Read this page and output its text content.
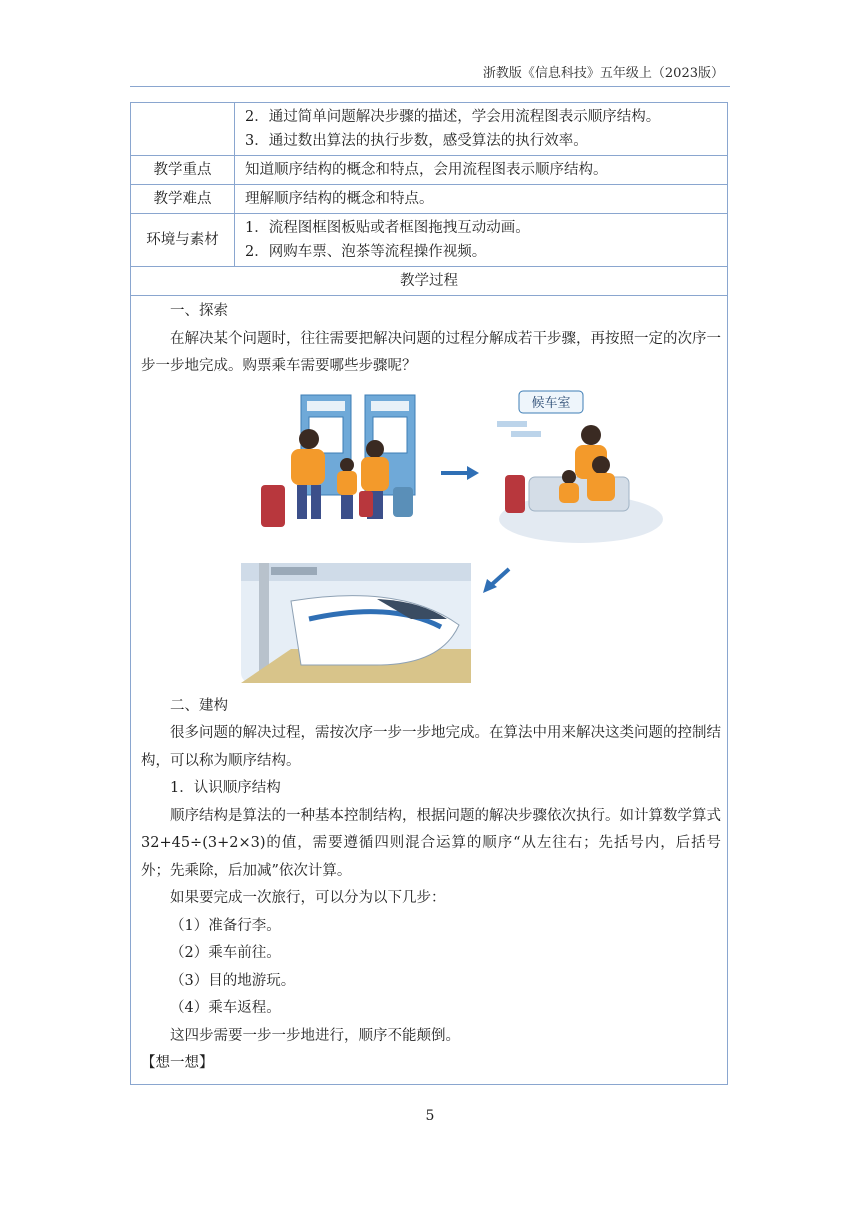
浙教版《信息科技》五年级上（2023版）
2．通过简单问题解决步骤的描述，学会用流程图表示顺序结构。
3．通过数出算法的执行步数，感受算法的执行效率。
教学重点	知道顺序结构的概念和特点，会用流程图表示顺序结构。
教学难点	理解顺序结构的概念和特点。
环境与素材
1．流程图框图板贴或者框图拖拽互动动画。
2．网购车票、泡茶等流程操作视频。
教学过程

一、探索

在解决某个问题时，往往需要把解决问题的过程分解成若干步骤，再按照一定的次序一步一步地完成。购票乘车需要哪些步骤呢？

候车室

二、建构

很多问题的解决过程，需按次序一步一步地完成。在算法中用来解决这类问题的控制结构，可以称为顺序结构。

1．认识顺序结构

顺序结构是算法的一种基本控制结构，根据问题的解决步骤依次执行。如计算数学算式 32+45÷(3+2×3)的值，需要遵循四则混合运算的顺序“从左往右；先括号内，后括号外；先乘除，后加减”依次计算。

如果要完成一次旅行，可以分为以下几步：

（1）准备行李。

（2）乘车前往。

（3）目的地游玩。

（4）乘车返程。

这四步需要一步一步地进行，顺序不能颠倒。

【想一想】

5
